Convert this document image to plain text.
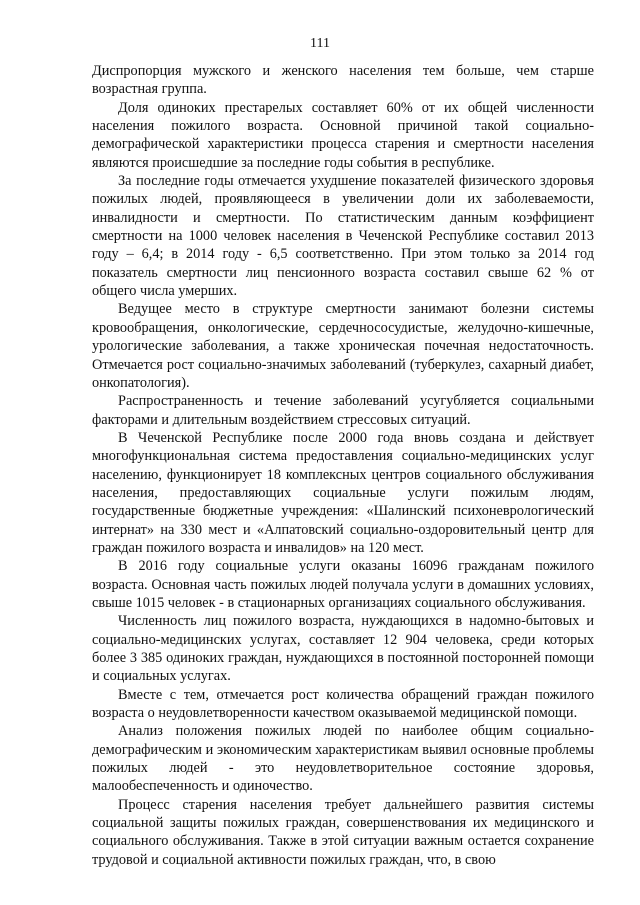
111

Диспропорция мужского и женского населения тем больше, чем старше возрастная группа.

Доля одиноких престарелых составляет 60% от их общей численности населения пожилого возраста. Основной причиной такой социально-демографической характеристики процесса старения и смертности населения являются происшедшие за последние годы события в республике.

За последние годы отмечается ухудшение показателей физического здоровья пожилых людей, проявляющееся в увеличении доли их заболеваемости, инвалидности и смертности. По статистическим данным коэффициент смертности на 1000 человек населения в Чеченской Республике составил 2013 году – 6,4; в 2014 году - 6,5 соответственно. При этом только за 2014 год показатель смертности лиц пенсионного возраста составил свыше 62 % от общего числа умерших.

Ведущее место в структуре смертности занимают болезни системы кровообращения, онкологические, сердечнососудистые, желудочно-кишечные, урологические заболевания, а также хроническая почечная недостаточность. Отмечается рост социально-значимых заболеваний (туберкулез, сахарный диабет, онкопатология).

Распространенность и течение заболеваний усугубляется социальными факторами и длительным воздействием стрессовых ситуаций.

В Чеченской Республике после 2000 года вновь создана и действует многофункциональная система предоставления социально-медицинских услуг населению, функционирует 18 комплексных центров социального обслуживания населения, предоставляющих социальные услуги пожилым людям, государственные бюджетные учреждения: «Шалинский психоневрологический интернат» на 330 мест и «Алпатовский социально-оздоровительный центр для граждан пожилого возраста и инвалидов» на 120 мест.

В 2016 году социальные услуги оказаны 16096 гражданам пожилого возраста. Основная часть пожилых людей получала услуги в домашних условиях, свыше 1015 человек - в стационарных организациях социального обслуживания.

Численность лиц пожилого возраста, нуждающихся в надомно-бытовых и социально-медицинских услугах, составляет 12 904 человека, среди которых более 3 385 одиноких граждан, нуждающихся в постоянной посторонней помощи и социальных услугах.

Вместе с тем, отмечается рост количества обращений граждан пожилого возраста о неудовлетворенности качеством оказываемой медицинской помощи.

Анализ положения пожилых людей по наиболее общим социально-демографическим и экономическим характеристикам выявил основные проблемы пожилых людей - это неудовлетворительное состояние здоровья, малообеспеченность и одиночество.

Процесс старения населения требует дальнейшего развития системы социальной защиты пожилых граждан, совершенствования их медицинского и социального обслуживания. Также в этой ситуации важным остается сохранение трудовой и социальной активности пожилых граждан, что, в свою
